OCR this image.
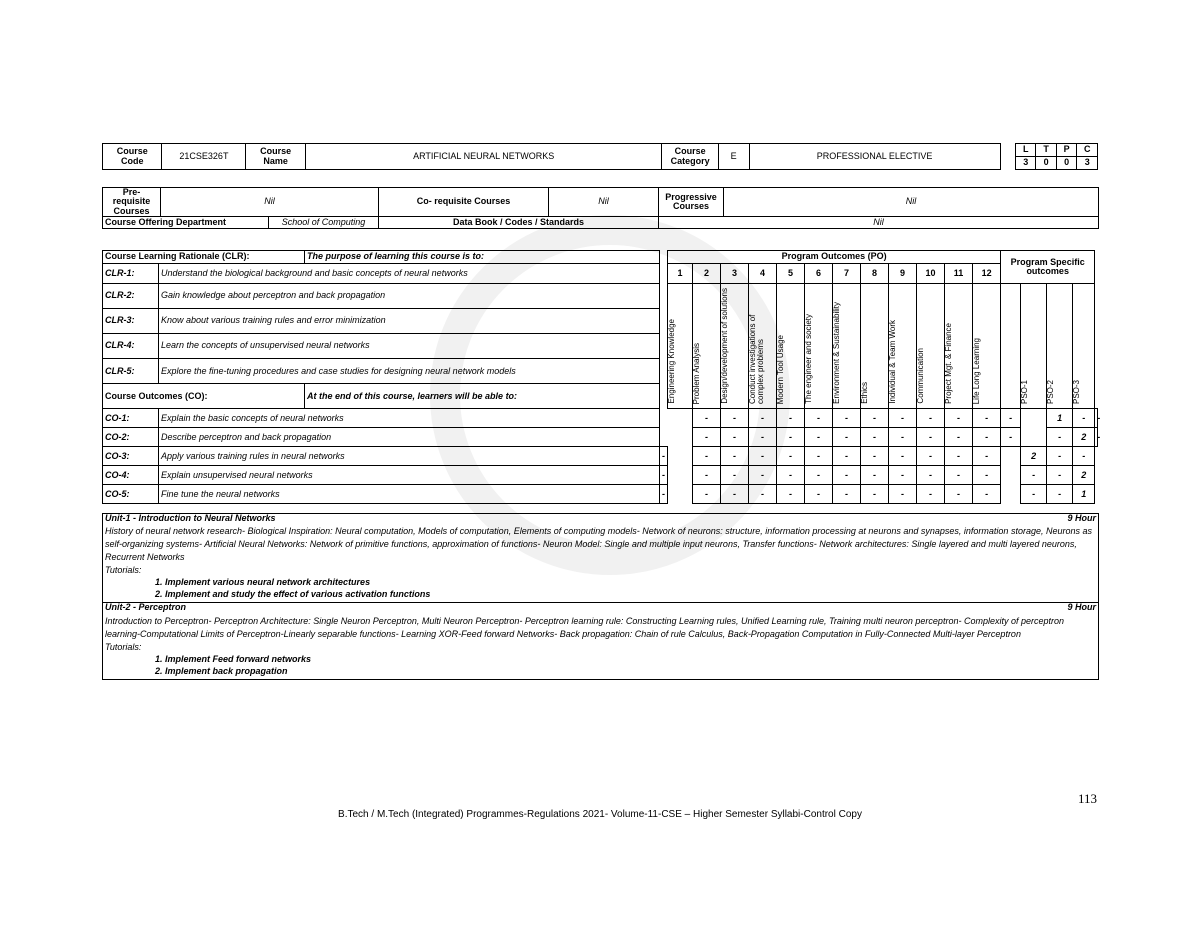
Course Code	21CSE326T	Course Name	ARTIFICIAL NEURAL NETWORKS	Course Category	E	PROFESSIONAL ELECTIVE		L	T	P	C
								3	0	0	3
Pre-requisite Courses	Nil		Co- requisite Courses	Nil	Progressive Courses	Nil
Course Offering Department		School of Computing	Data Book / Codes / Standards		Nil	
Course Learning Rationale (CLR):		The purpose of learning this course is to:		Program Outcomes (PO)												Program Specific outcomes				
CLR-1:	Understand the biological background and basic concepts of neural networks			1	2	3	4	5	6	7	8	9	10	11	12					
CLR-2:	Gain knowledge about perceptron and back propagation			Engineering Knowledge	Problem Analysis	Design/development of solutions	Conduct investigations of complex problems	Modern Tool Usage	The engineer and society	Environment & Sustainability	Ethics	Individual & Team Work	Communication	Project Mgt. & Finance	Life Long Learning		PSO-1	PSO-2	PSO-3	
CLR-3:	Know about various training rules and error minimization																			
CLR-4:	Learn the concepts of unsupervised neural networks																			
CLR-5:	Explore the fine-tuning procedures and case studies for designing neural network models																			
Course Outcomes (CO):		At the end of this course, learners will be able to:																		
CO-1:	Explain the basic concepts of neural networks				-	-	-	-	-	-	-	-	-	-	-	-		1	-	-
CO-2:	Describe perceptron and back propagation				-	-	-	-	-	-	-	-	-	-	-	-		-	2	-
CO-3:	Apply various training rules in neural networks		-		-	-	-	-	-	-	-	-	-	-	-		2	-	-	
CO-4:	Explain unsupervised neural networks		-		-	-	-	-	-	-	-	-	-	-	-		-	-	2	
CO-5:	Fine tune the neural networks		-		-	-	-	-	-	-	-	-	-	-	-		-	-	1	
Unit-1 - Introduction to Neural Networks	9 Hour

History of neural network research- Biological Inspiration: Neural computation, Models of computation, Elements of computing models- Network of neurons: structure, information processing at neurons and synapses, information storage, Neurons as self-organizing systems- Artificial Neural Networks: Network of primitive functions, approximation of functions- Neuron Model: Single and multiple input neurons, Transfer functions- Network architectures: Single layered and multi layered neurons, Recurrent Networks
Tutorials:
1. Implement various neural network architectures
2. Implement and study the effect of various activation functions

Unit-2 - Perceptron	9 Hour

Introduction to Perceptron- Perceptron Architecture: Single Neuron Perceptron, Multi Neuron Perceptron- Perceptron learning rule: Constructing Learning rules, Unified Learning rule, Training multi neuron perceptron- Complexity of perceptron learning-Computational Limits of Perceptron-Linearly separable functions- Learning XOR-Feed forward Networks- Back propagation: Chain of rule Calculus, Back-Propagation Computation in Fully-Connected Multi-layer Perceptron
Tutorials:
1. Implement Feed forward networks
2. Implement back propagation
113
B.Tech / M.Tech (Integrated) Programmes-Regulations 2021- Volume-11-CSE – Higher Semester Syllabi-Control Copy
